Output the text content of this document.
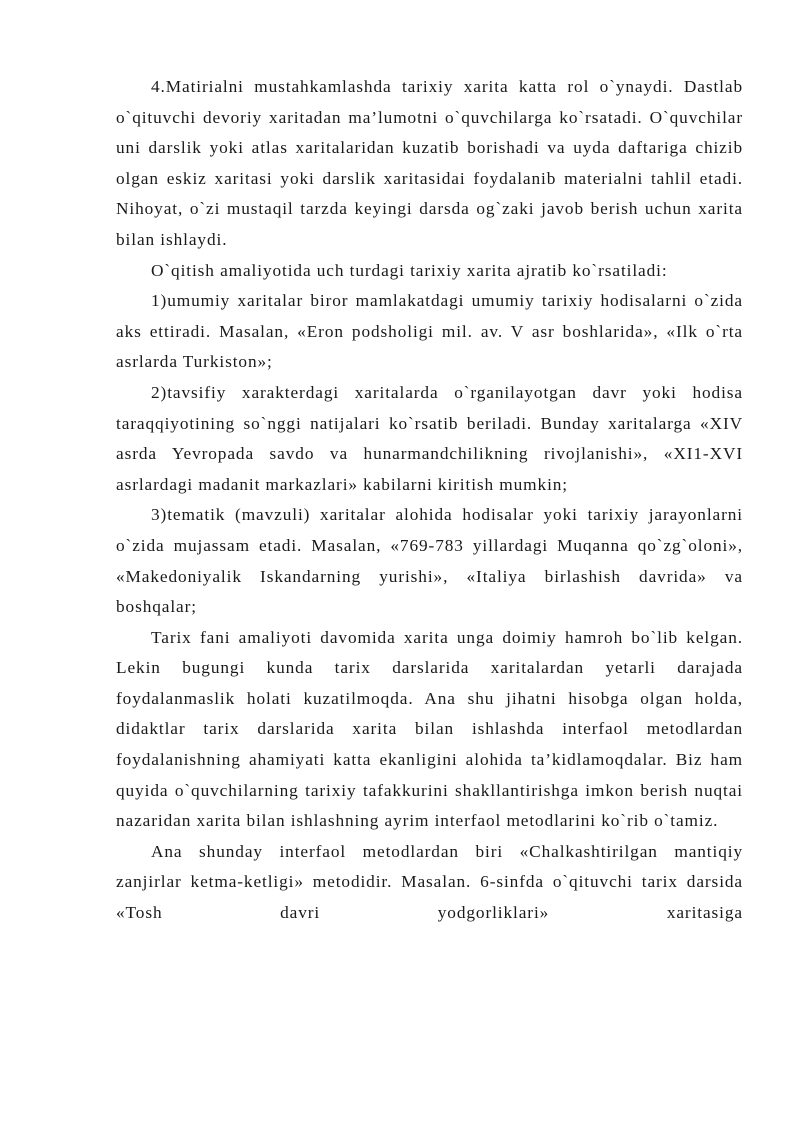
4.Matirialni mustahkamlashda tarixiy xarita katta rol o`ynaydi. Dastlab o`qituvchi devoriy xaritadan ma’lumotni o`quvchilarga ko`rsatadi. O`quvchilar uni darslik yoki atlas xaritalaridan kuzatib borishadi va uyda daftariga chizib olgan eskiz xaritasi yoki darslik xaritasidai foydalanib materialni tahlil etadi. Nihoyat, o`zi mustaqil tarzda keyingi darsda og`zaki javob berish uchun xarita bilan ishlaydi.

O`qitish amaliyotida uch turdagi tarixiy xarita ajratib ko`rsatiladi:

1)umumiy xaritalar biror mamlakatdagi umumiy tarixiy hodisalarni o`zida aks ettiradi. Masalan, «Eron podsholigi mil. av. V asr boshlarida», «Ilk o`rta asrlarda Turkiston»;

2)tavsifiy xarakterdagi xaritalarda o`rganilayotgan davr yoki hodisa taraqqiyotining so`nggi natijalari ko`rsatib beriladi. Bunday xaritalarga «XIV asrda Yevropada savdo va hunarmandchilikning rivojlanishi», «XI1-XVI asrlardagi madanit markazlari» kabilarni kiritish mumkin;

3)tematik (mavzuli) xaritalar alohida hodisalar yoki tarixiy jarayonlarni o`zida mujassam etadi. Masalan, «769-783 yillardagi Muqanna qo`zg`oloni», «Makedoniyalik Iskandarning yurishi», «Italiya birlashish davrida» va boshqalar;

Tarix fani amaliyoti davomida xarita unga doimiy hamroh bo`lib kelgan. Lekin bugungi kunda tarix darslarida xaritalardan yetarli darajada foydalanmaslik holati kuzatilmoqda. Ana shu jihatni hisobga olgan holda, didaktlar tarix darslarida xarita bilan ishlashda interfaol metodlardan foydalanishning ahamiyati katta ekanligini alohida ta’kidlamoqdalar. Biz ham quyida o`quvchilarning tarixiy tafakkurini shakllantirishga imkon berish nuqtai nazaridan xarita bilan ishlashning ayrim interfaol metodlarini ko`rib o`tamiz.

Ana shunday interfaol metodlardan biri «Chalkashtirilgan mantiqiy zanjirlar ketma-ketligi» metodidir. Masalan. 6-sinfda o`qituvchi tarix darsida «Tosh davri yodgorliklari» xaritasiga
